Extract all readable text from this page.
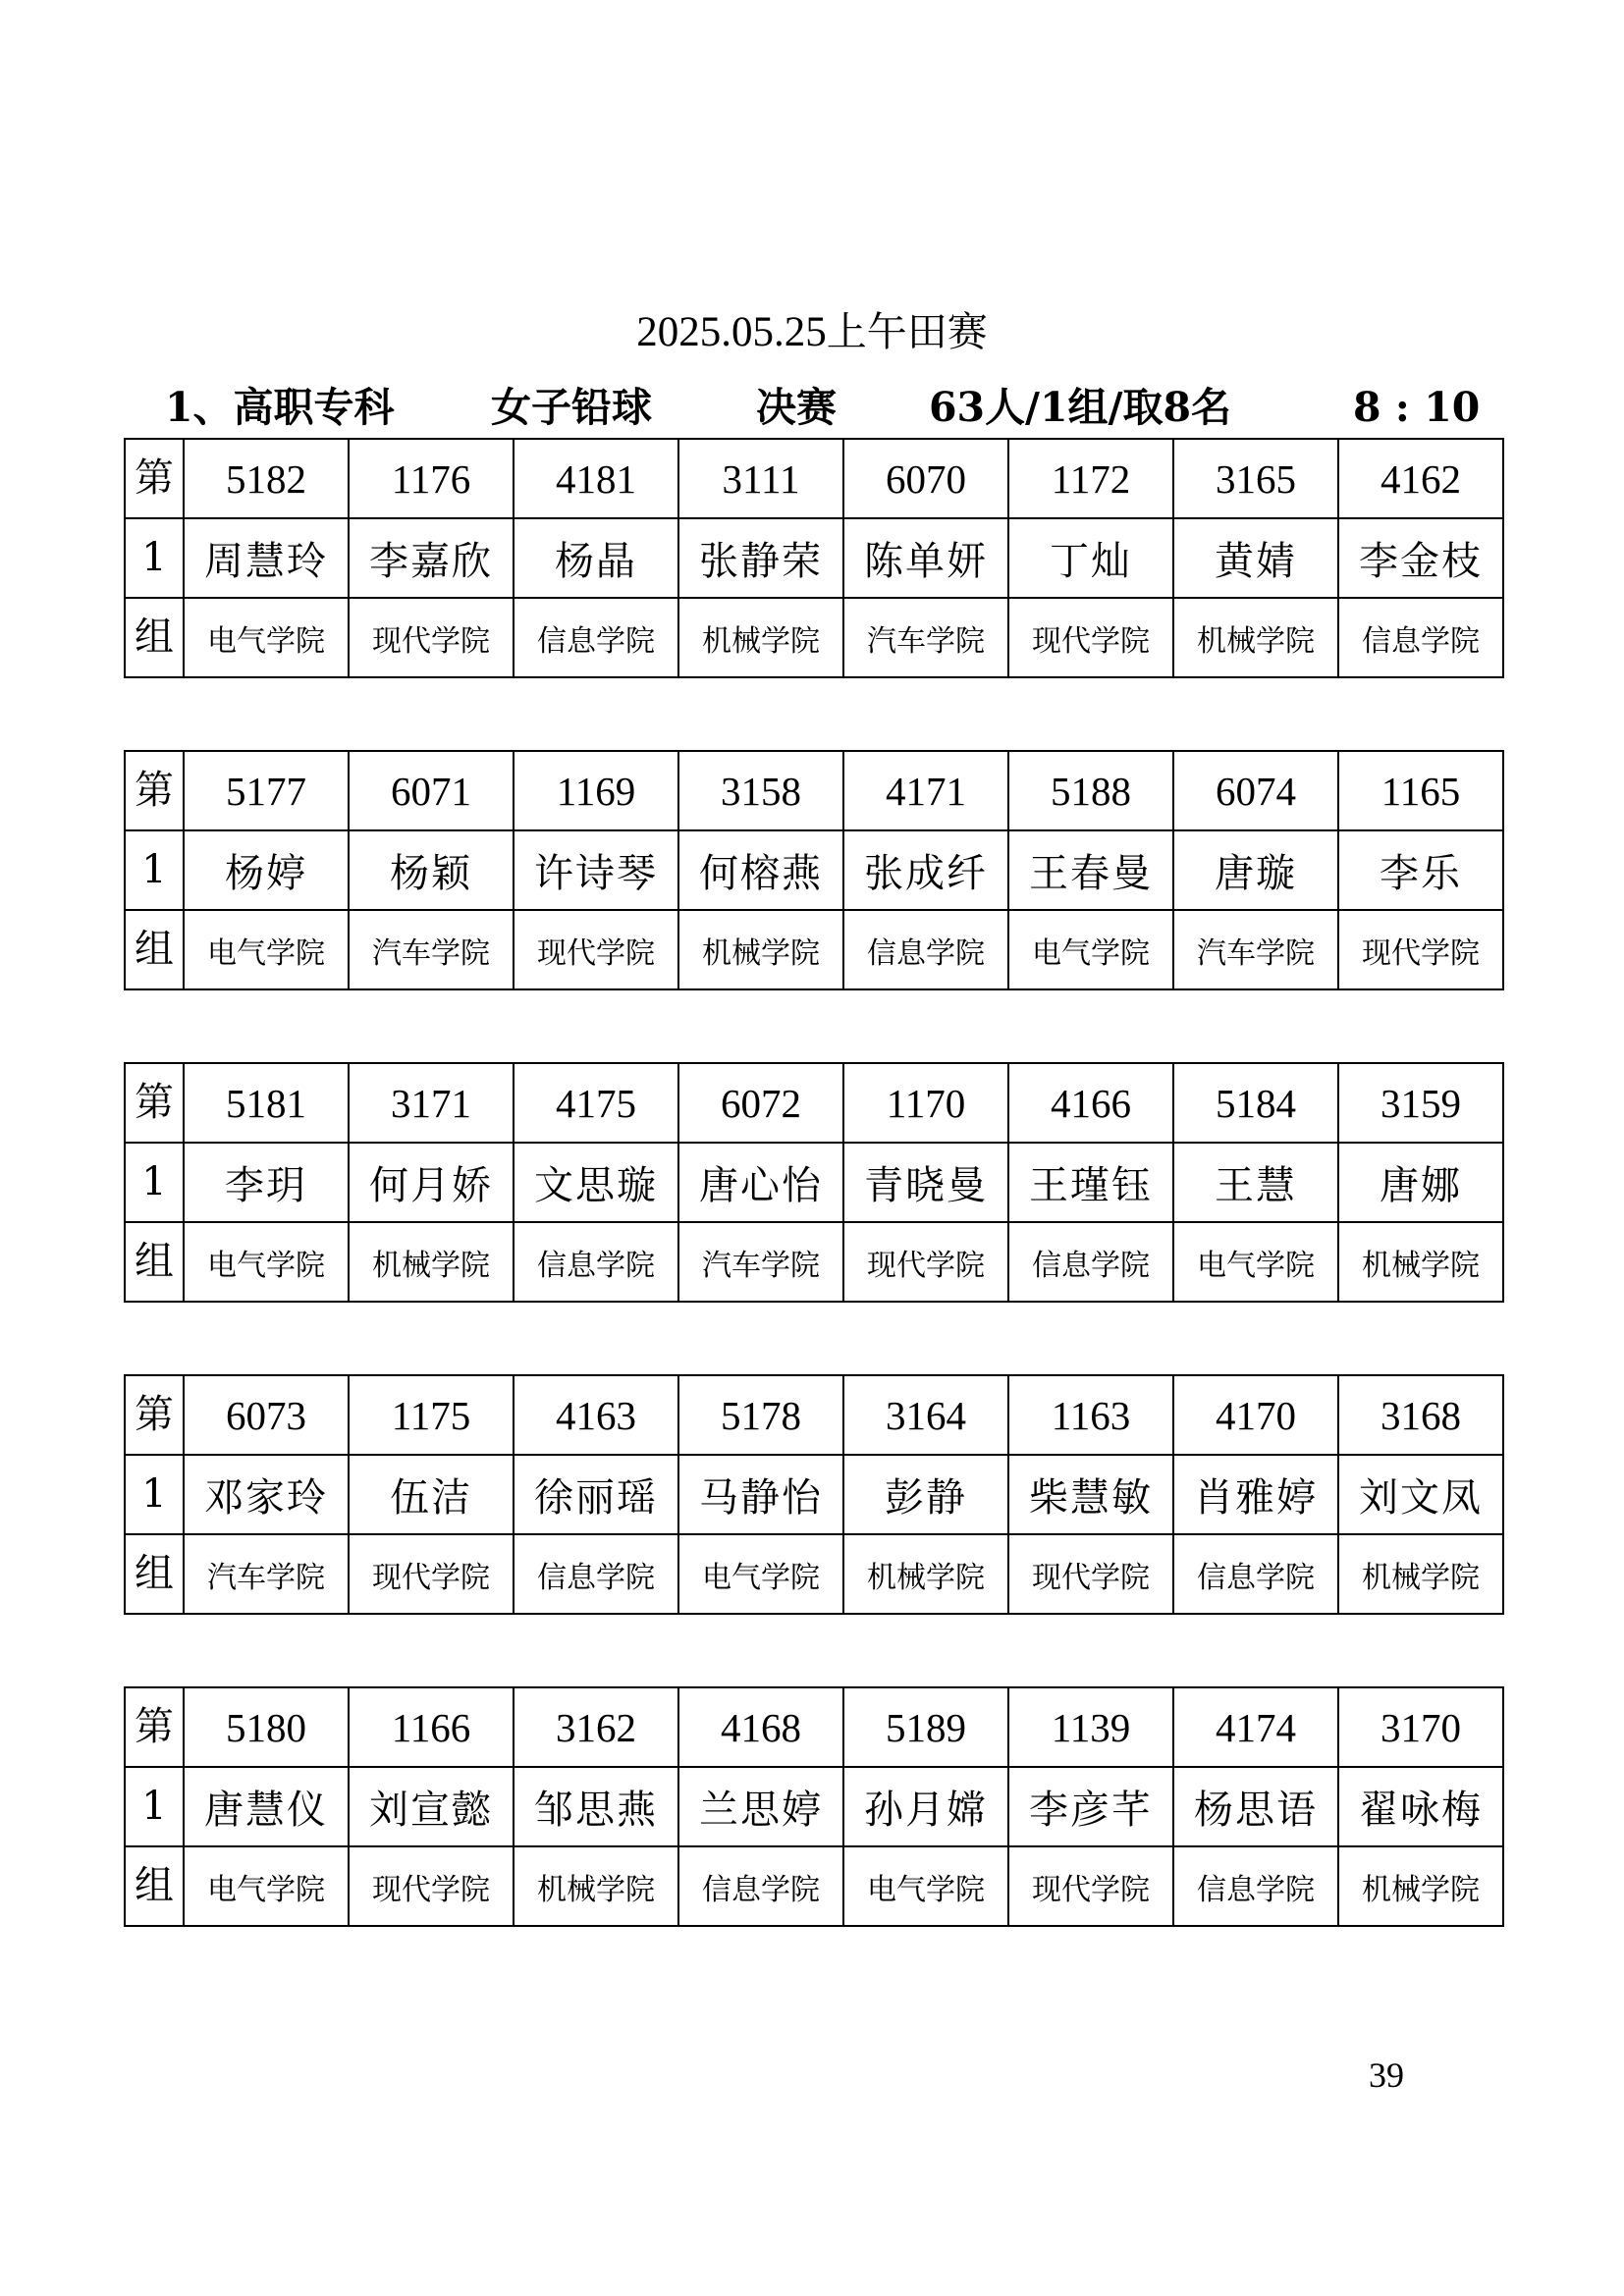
2025.05.25上午田赛
1、高职专科 女子铅球	决赛 63人/1组/取8名	8 : 10
第	5182	1176	4181	3111	6070	1172	3165	4162
1	周慧玲	李嘉欣	杨晶	张静荣	陈单妍	丁灿	黄婧	李金枝
组	电气学院	现代学院	信息学院	机械学院	汽车学院	现代学院	机械学院	信息学院
第	5177	6071	1169	3158	4171	5188	6074	1165
1	杨婷	杨颖	许诗琴	何榕燕	张成纤	王春曼	唐璇	李乐
组	电气学院	汽车学院	现代学院	机械学院	信息学院	电气学院	汽车学院	现代学院
第	5181	3171	4175	6072	1170	4166	5184	3159
1	李玥	何月娇	文思璇	唐心怡	青晓曼	王瑾钰	王慧	唐娜
组	电气学院	机械学院	信息学院	汽车学院	现代学院	信息学院	电气学院	机械学院
第	6073	1175	4163	5178	3164	1163	4170	3168
1	邓家玲	伍洁	徐丽瑶	马静怡	彭静	柴慧敏	肖雅婷	刘文凤
组	汽车学院	现代学院	信息学院	电气学院	机械学院	现代学院	信息学院	机械学院
第	5180	1166	3162	4168	5189	1139	4174	3170
1	唐慧仪	刘宣懿	邹思燕	兰思婷	孙月嫦	李彦芊	杨思语	翟咏梅
组	电气学院	现代学院	机械学院	信息学院	电气学院	现代学院	信息学院	机械学院
39
